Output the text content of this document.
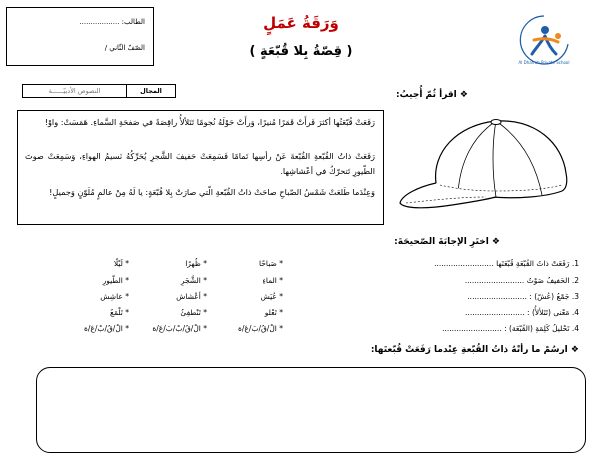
الطالب: ..................
الصّفّ الثّاني /
وَرَقَةُ عَمَلٍ
( قِصّةُ بِلا قُبّعَةٍ )
Al Dhafrah Private School
النصوص الأدبيّــــــة	المجال	❖ اقرأ ثُمّ أُجيبُ:
رَفَعَتْ قُبّعَتُها أكثرَ فَرأَتْ قَمَرًا مُنيرًا، وَرأَتْ حَوْلَهُ نُجومًا تَتَلألأُ راقِصَةً في صَفحَةِ السَّماءِ. هَمَسَتْ: واوْ!
رَفَعَتْ ذاتُ القُبّعةِ القُبّعةَ عَنْ رأسِها تَمامًا فَسَمِعَتْ حَفيفَ الشَّجرِ يُحَرِّكُهُ نَسيمُ الهواءِ، وَسَمِعَتْ صوتَ الطّيورِ تَتحرّكُ في أعْشاشِها.
وَعِنْدَما طَلعَتْ شَمْسُ الصّباحِ صاحَتْ ذاتُ القُبّعةِ الّتي صارَتْ بِلا قُبّعَةٍ: يا لَهُ مِنْ عالمٍ مُلَوّنٍ وَجميلٍ!
❖ اختَرِ الإجابَةَ الصّحيحَةَ:
1. رَفَعَتْ ذاتُ القُبّعَةِ قُبّعَتَها .........................
2. الحَفيفُ صَوْتُ .........................
3. جَمْعُ (عُشّ) : .........................
4. مَعْنى (تَتَلألأُ) : .........................
4. تَحْليلُ كَلِمَةِ (القُبّعَة) : .........................
* صَباحًا
* الماءِ
* عُيَش
* تَعْلو
* الْ/قُ/بَ/عَ/ة
* ظُهرًا
* الشَّجَرِ
* أعْشاش
* تَنْطفِئُ
* الْ/قُ/بْ/بَ/عَ/ة
* لَيْلًا
* الطّيورِ
* عاشِش
* تَلْمَعُ
* الْ/قُ/بْ/عَ/ة
❖ ارسُمْ ما رأتْهُ ذاتُ القُبّعةِ عِنْدما رَفَعَتْ قُبّعتَها:
